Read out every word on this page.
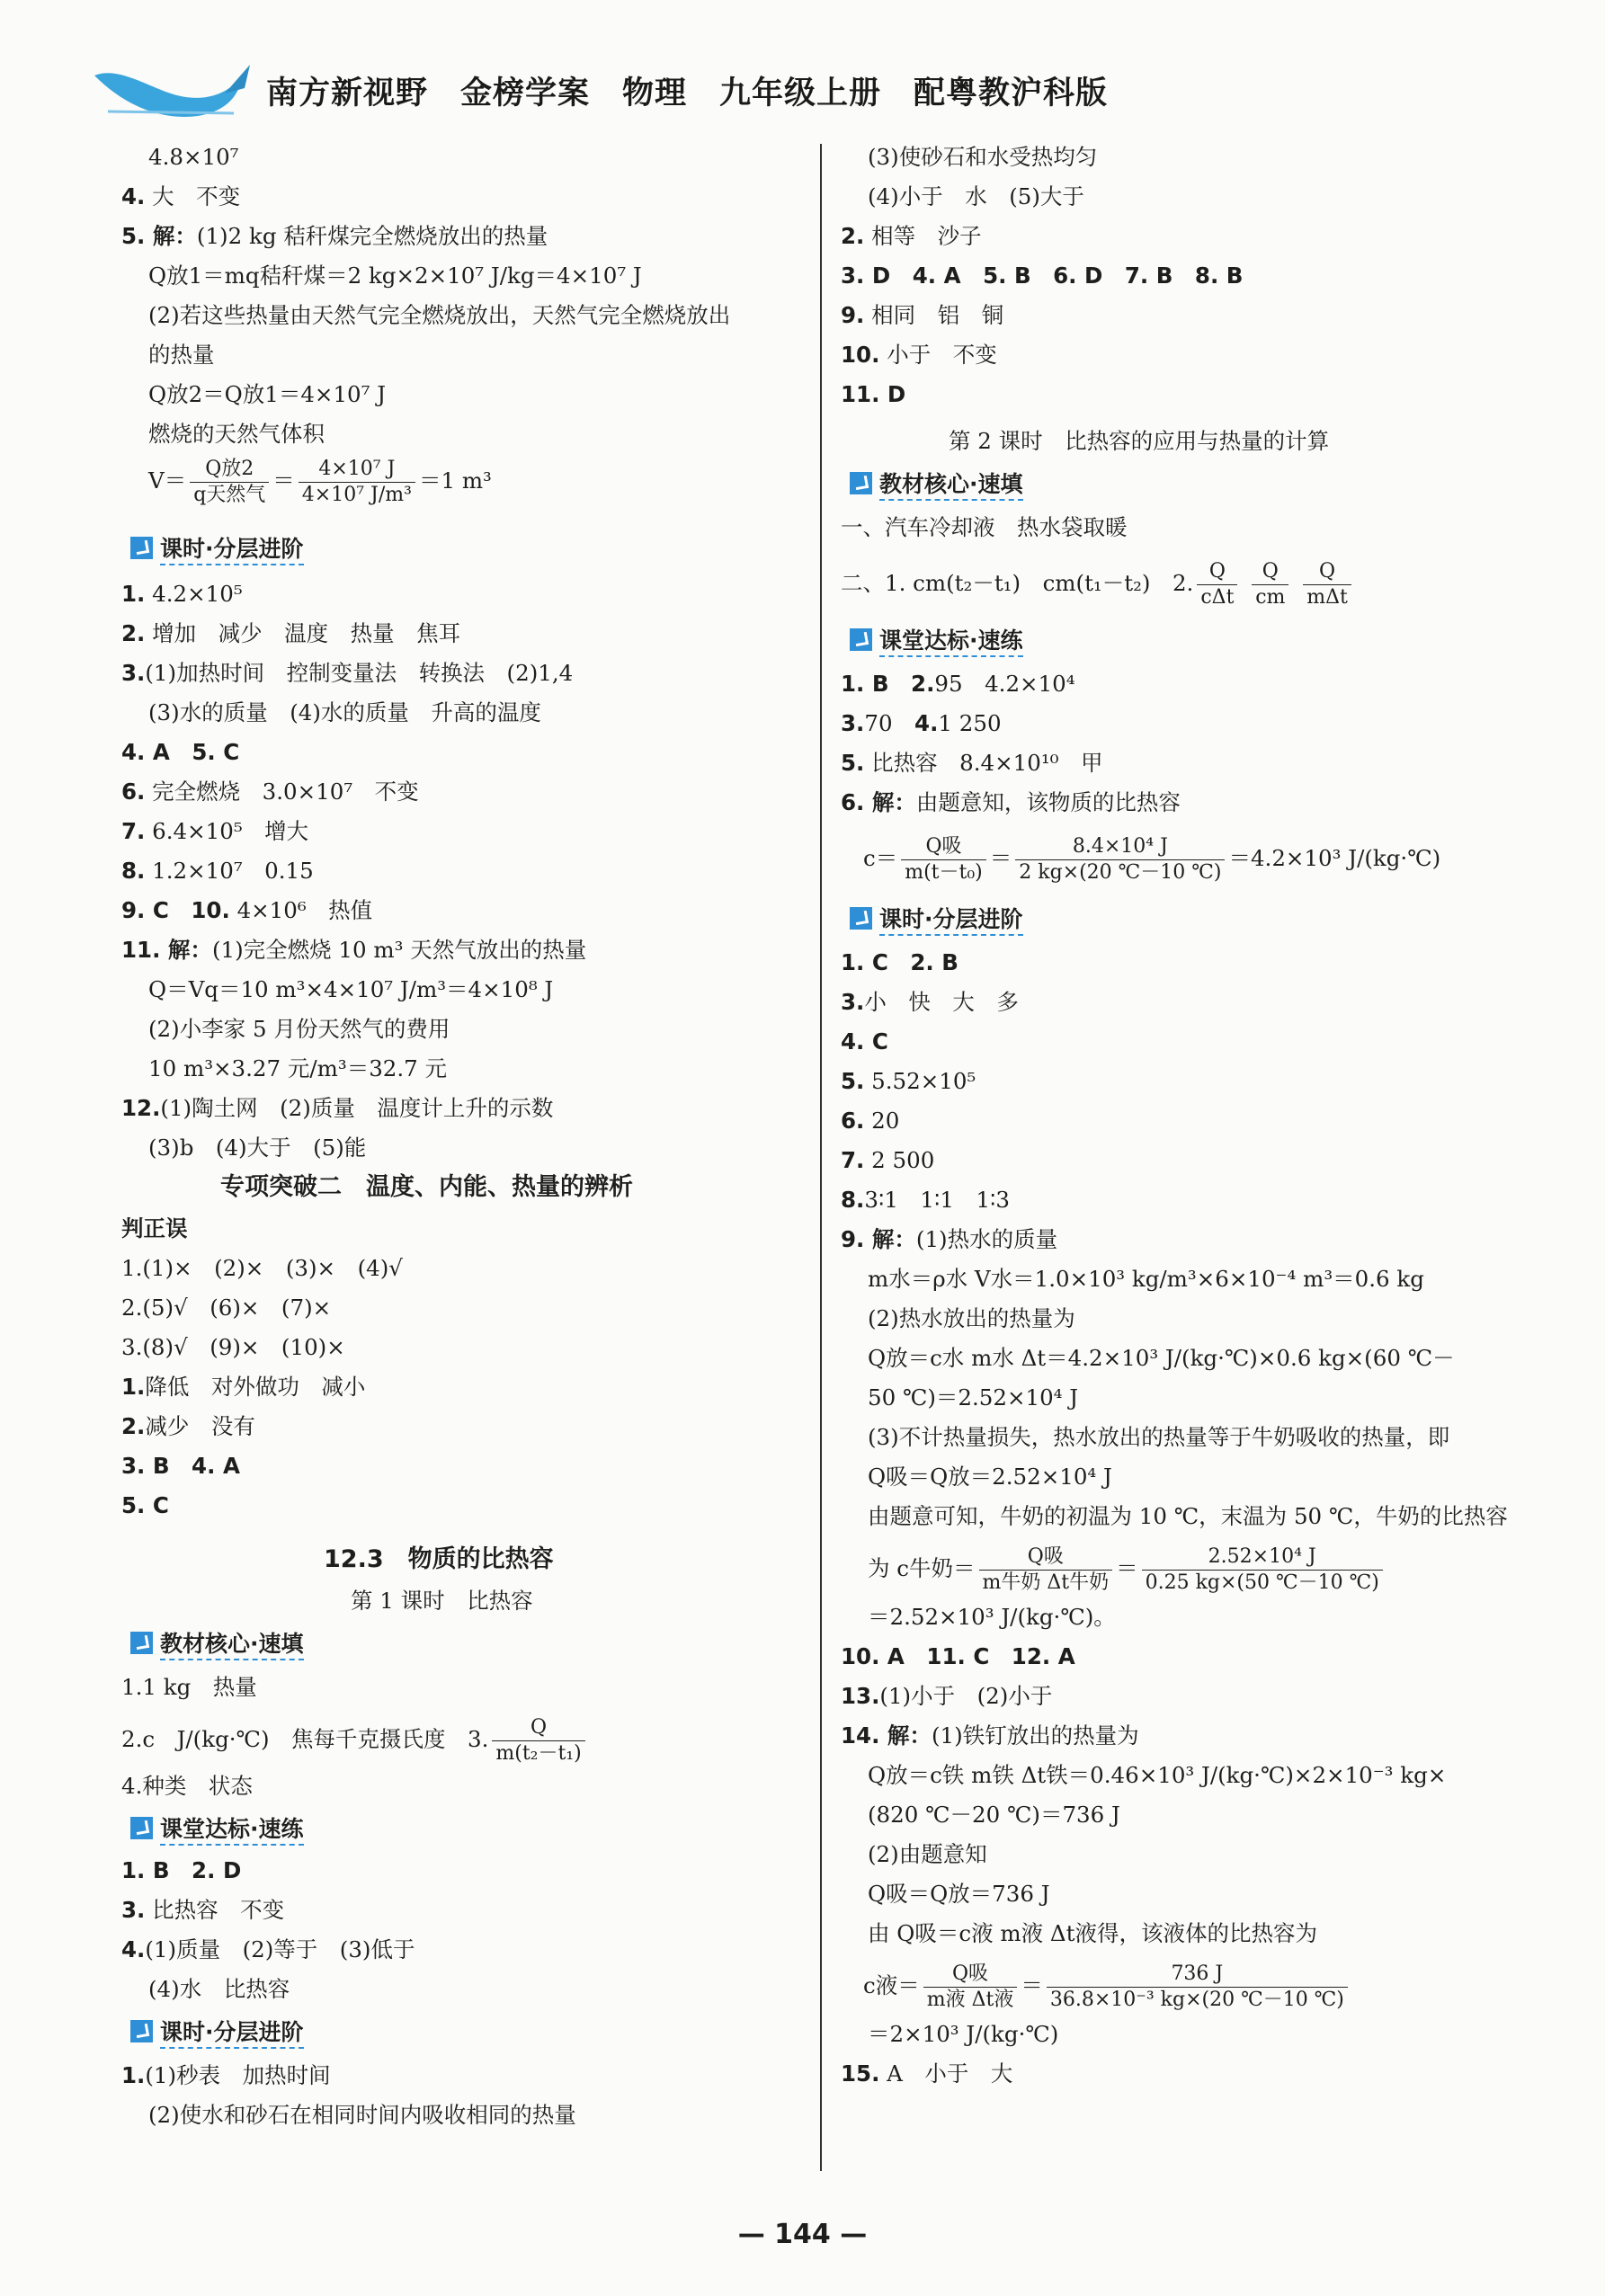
南方新视野　金榜学案　物理　九年级上册　配粤教沪科版
4.8×10⁷
4. 大　不变
5. 解：(1)2 kg 秸秆煤完全燃烧放出的热量
Q放1＝mq秸秆煤＝2 kg×2×10⁷ J/kg＝4×10⁷ J
(2)若这些热量由天然气完全燃烧放出，天然气完全燃烧放出
的热量
Q放2＝Q放1＝4×10⁷ J
燃烧的天然气体积
$V= \frac{\text{Q放2}}{\text{q天然气}} = \frac{\text{4×10⁷ J}}{\text{4×10⁷ J/m³}} =1$ m³
课时·分层进阶
1. 4.2×10⁵
2. 增加　减少　温度　热量　焦耳
3.(1)加热时间　控制变量法　转换法　(2)1,4
(3)水的质量　(4)水的质量　升高的温度
4. A　5. C
6. 完全燃烧　3.0×10⁷　不变
7. 6.4×10⁵　增大
8. 1.2×10⁷　0.15
9. C　10. 4×10⁶　热值
11. 解：(1)完全燃烧 10 m³ 天然气放出的热量
Q＝Vq＝10 m³×4×10⁷ J/m³＝4×10⁸ J
(2)小李家 5 月份天然气的费用
10 m³×3.27 元/m³＝32.7 元
12.(1)陶土网　(2)质量　温度计上升的示数
(3)b　(4)大于　(5)能
专项突破二　温度、内能、热量的辨析
判正误
1.(1)×　(2)×　(3)×　(4)√
2.(5)√　(6)×　(7)×
3.(8)√　(9)×　(10)×
1.降低　对外做功　减小
2.减少　没有
3. B　4. A
5. C
12.3　物质的比热容
第 1 课时　比热容
教材核心·速填
1.1 kg　热量
2.c　J/(kg·℃)　焦每千克摄氏度　3. $\frac{Q}{\text{m(t₂－t₁)}}$
4.种类　状态
课堂达标·速练
1. B　2. D
3. 比热容　不变
4.(1)质量　(2)等于　(3)低于
(4)水　比热容
课时·分层进阶
1.(1)秒表　加热时间
(2)使水和砂石在相同时间内吸收相同的热量
(3)使砂石和水受热均匀
(4)小于　水　(5)大于
2. 相等　沙子
3. D　4. A　5. B　6. D　7. B　8. B
9. 相同　铝　铜
10. 小于　不变
11. D
第 2 课时　比热容的应用与热量的计算
教材核心·速填
一、汽车冷却液　热水袋取暖
二、1. cm(t₂－t₁)　cm(t₁－t₂)　2. $\frac{Q}{\text{cΔt}}$
$\frac{Q}{cm}$
$\frac{Q}{\text{mΔt}}$
课堂达标·速练
1. B　2.95　4.2×10⁴
3.70　 4.1 250
5. 比热容　8.4×10¹⁰　甲
6. 解：由题意知，该物质的比热容
$c= \frac{\text{Q吸}}{\text{m(t－t₀)}} = \frac{\text{8.4×10⁴ J}}{2 kg\times(20 ℃-10 ℃)} =4.2\times 10^3$ J/(kg·℃)
课时·分层进阶
1. C　2. B
3.小　快　大　多
4. C
5. 5.52×10⁵
6. 20
7. 2 500
8.3∶1　1∶1　1∶3
9. 解：(1)热水的质量
m水＝ρ水 V水＝1.0×10³ kg/m³×6×10⁻⁴ m³＝0.6 kg
(2)热水放出的热量为
Q放＝c水 m水 Δt＝4.2×10³ J/(kg·℃)×0.6 kg×(60 ℃－
50 ℃)＝2.52×10⁴ J
(3)不计热量损失，热水放出的热量等于牛奶吸收的热量，即
Q吸＝Q放＝2.52×10⁴ J
由题意可知，牛奶的初温为 10 ℃，末温为 50 ℃，牛奶的比热容
为 c牛奶＝ $\frac{\text{Q吸}}{\text{m牛奶 Δt牛奶}} = \frac{\text{2.52×10⁴ J}}{0.25 kg\times(50 ℃-10 ℃)}$
＝2.52×10³ J/(kg·℃)。
10. A　11. C　12. A
13.(1)小于　(2)小于
14. 解：(1)铁钉放出的热量为
Q放＝c铁 m铁 Δt铁＝0.46×10³ J/(kg·℃)×2×10⁻³ kg×
(820 ℃－20 ℃)＝736 J
(2)由题意知
Q吸＝Q放＝736 J
由 Q吸＝c液 m液 Δt液得，该液体的比热容为
c液＝ $\frac{\text{Q吸}}{\text{m液 Δt液}} = \frac{736 J}{\text{36.8×10⁻³ kg×(20 ℃－10 ℃)}}$
＝2×10³ J/(kg·℃)
15. A　小于　大
— 144 —
